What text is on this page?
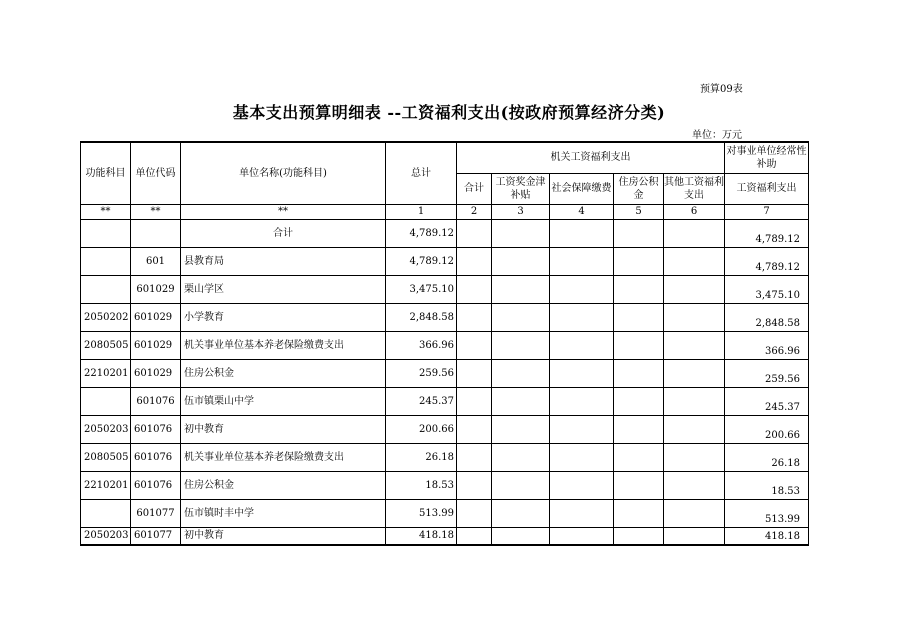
预算09表
基本支出预算明细表 --工资福利支出(按政府预算经济分类)
单位：万元
功能科目	单位代码	单位名称(功能科目)	总计	机关工资福利支出					对事业单位经常性补助
				合计	工资奖金津补贴	社会保障缴费	住房公积金	其他工资福利支出	工资福利支出
**	**	**	1	2	3	4	5	6	7
		合计	4,789.12						4,789.12
	601	县教育局	4,789.12						4,789.12
	601029	栗山学区	3,475.10						3,475.10
2050202	601029	小学教育	2,848.58						2,848.58
2080505	601029	机关事业单位基本养老保险缴费支出	366.96						366.96
2210201	601029	住房公积金	259.56						259.56
	601076	伍市镇栗山中学	245.37						245.37
2050203	601076	初中教育	200.66						200.66
2080505	601076	机关事业单位基本养老保险缴费支出	26.18						26.18
2210201	601076	住房公积金	18.53						18.53
	601077	伍市镇时丰中学	513.99						513.99
2050203	601077	初中教育	418.18						418.18
